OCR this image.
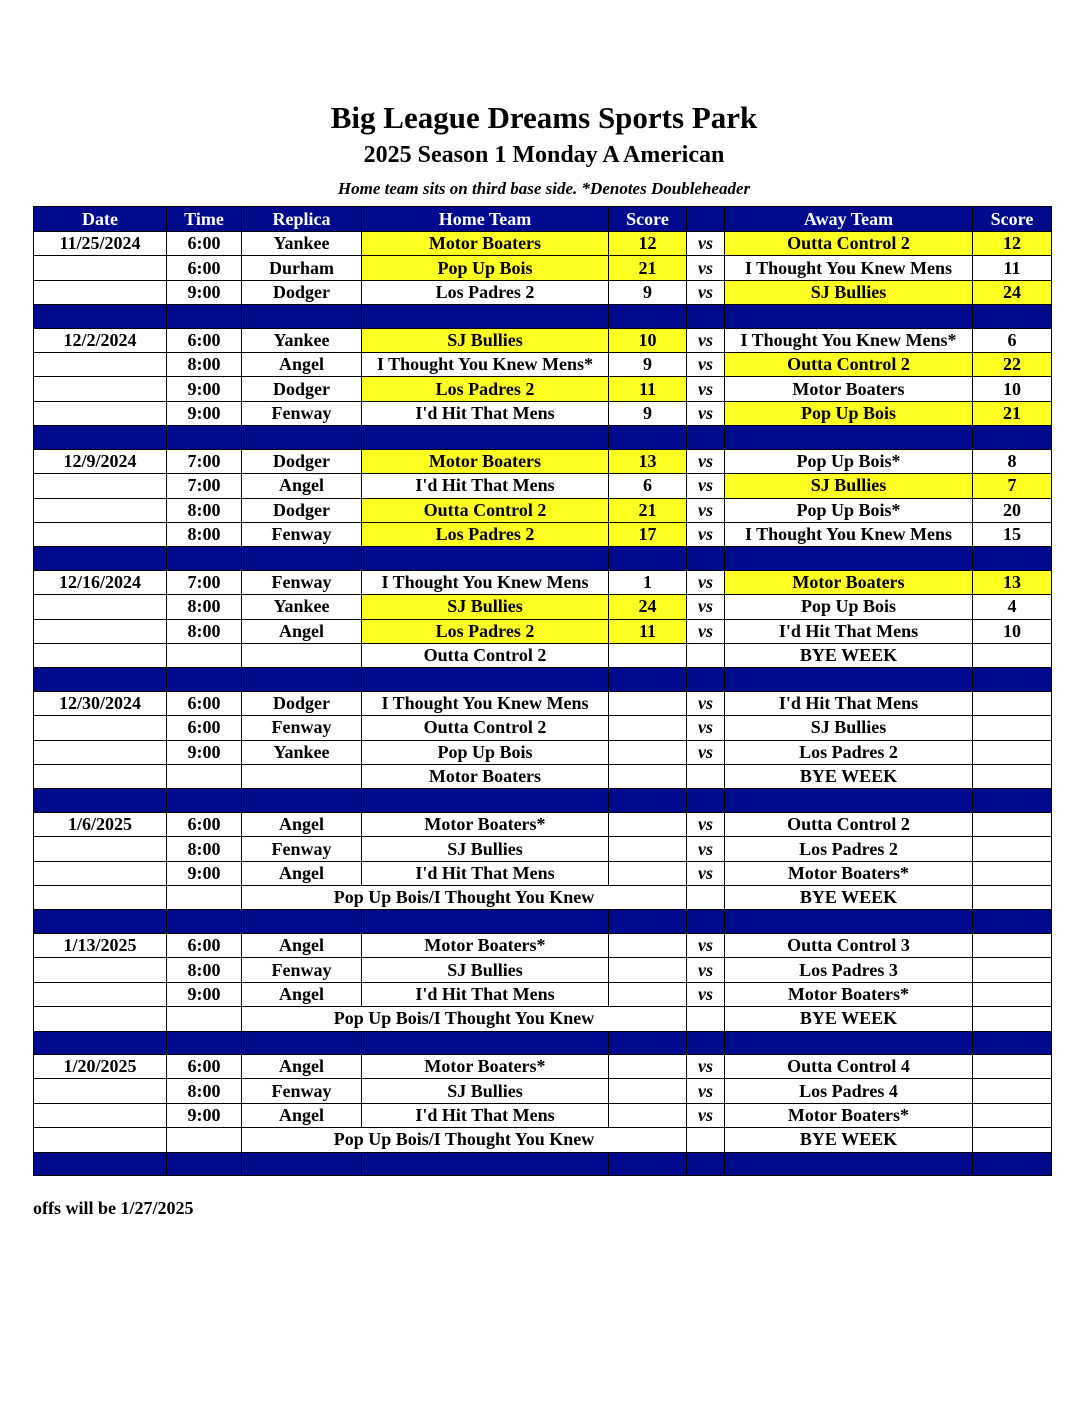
Big League Dreams Sports Park
2025 Season 1 Monday A American
Home team sits on third base side. *Denotes Doubleheader
Date	Time	Replica	Home Team	Score		Away Team	Score
11/25/2024	6:00	Yankee	Motor Boaters	12	vs	Outta Control 2	12
	6:00	Durham	Pop Up Bois	21	vs	I Thought You Knew Mens	11
	9:00	Dodger	Los Padres 2	9	vs	SJ Bullies	24

12/2/2024	6:00	Yankee	SJ Bullies	10	vs	I Thought You Knew Mens*	6
	8:00	Angel	I Thought You Knew Mens*	9	vs	Outta Control 2	22
	9:00	Dodger	Los Padres 2	11	vs	Motor Boaters	10
	9:00	Fenway	I'd Hit That Mens	9	vs	Pop Up Bois	21

12/9/2024	7:00	Dodger	Motor Boaters	13	vs	Pop Up Bois*	8
	7:00	Angel	I'd Hit That Mens	6	vs	SJ Bullies	7
	8:00	Dodger	Outta Control 2	21	vs	Pop Up Bois*	20
	8:00	Fenway	Los Padres 2	17	vs	I Thought You Knew Mens	15

12/16/2024	7:00	Fenway	I Thought You Knew Mens	1	vs	Motor Boaters	13
	8:00	Yankee	SJ Bullies	24	vs	Pop Up Bois	4
	8:00	Angel	Los Padres 2	11	vs	I'd Hit That Mens	10
			Outta Control 2			BYE WEEK	

12/30/2024	6:00	Dodger	I Thought You Knew Mens		vs	I'd Hit That Mens	
	6:00	Fenway	Outta Control 2		vs	SJ Bullies	
	9:00	Yankee	Pop Up Bois		vs	Los Padres 2	
			Motor Boaters			BYE WEEK	

1/6/2025	6:00	Angel	Motor Boaters*		vs	Outta Control 2	
	8:00	Fenway	SJ Bullies		vs	Los Padres 2	
	9:00	Angel	I'd Hit That Mens		vs	Motor Boaters*	
		Pop Up Bois/I Thought You Knew				BYE WEEK	

1/13/2025	6:00	Angel	Motor Boaters*		vs	Outta Control 3	
	8:00	Fenway	SJ Bullies		vs	Los Padres 3	
	9:00	Angel	I'd Hit That Mens		vs	Motor Boaters*	
		Pop Up Bois/I Thought You Knew				BYE WEEK	

1/20/2025	6:00	Angel	Motor Boaters*		vs	Outta Control 4	
	8:00	Fenway	SJ Bullies		vs	Los Padres 4	
	9:00	Angel	I'd Hit That Mens		vs	Motor Boaters*	
		Pop Up Bois/I Thought You Knew				BYE WEEK	

offs will be 1/27/2025
